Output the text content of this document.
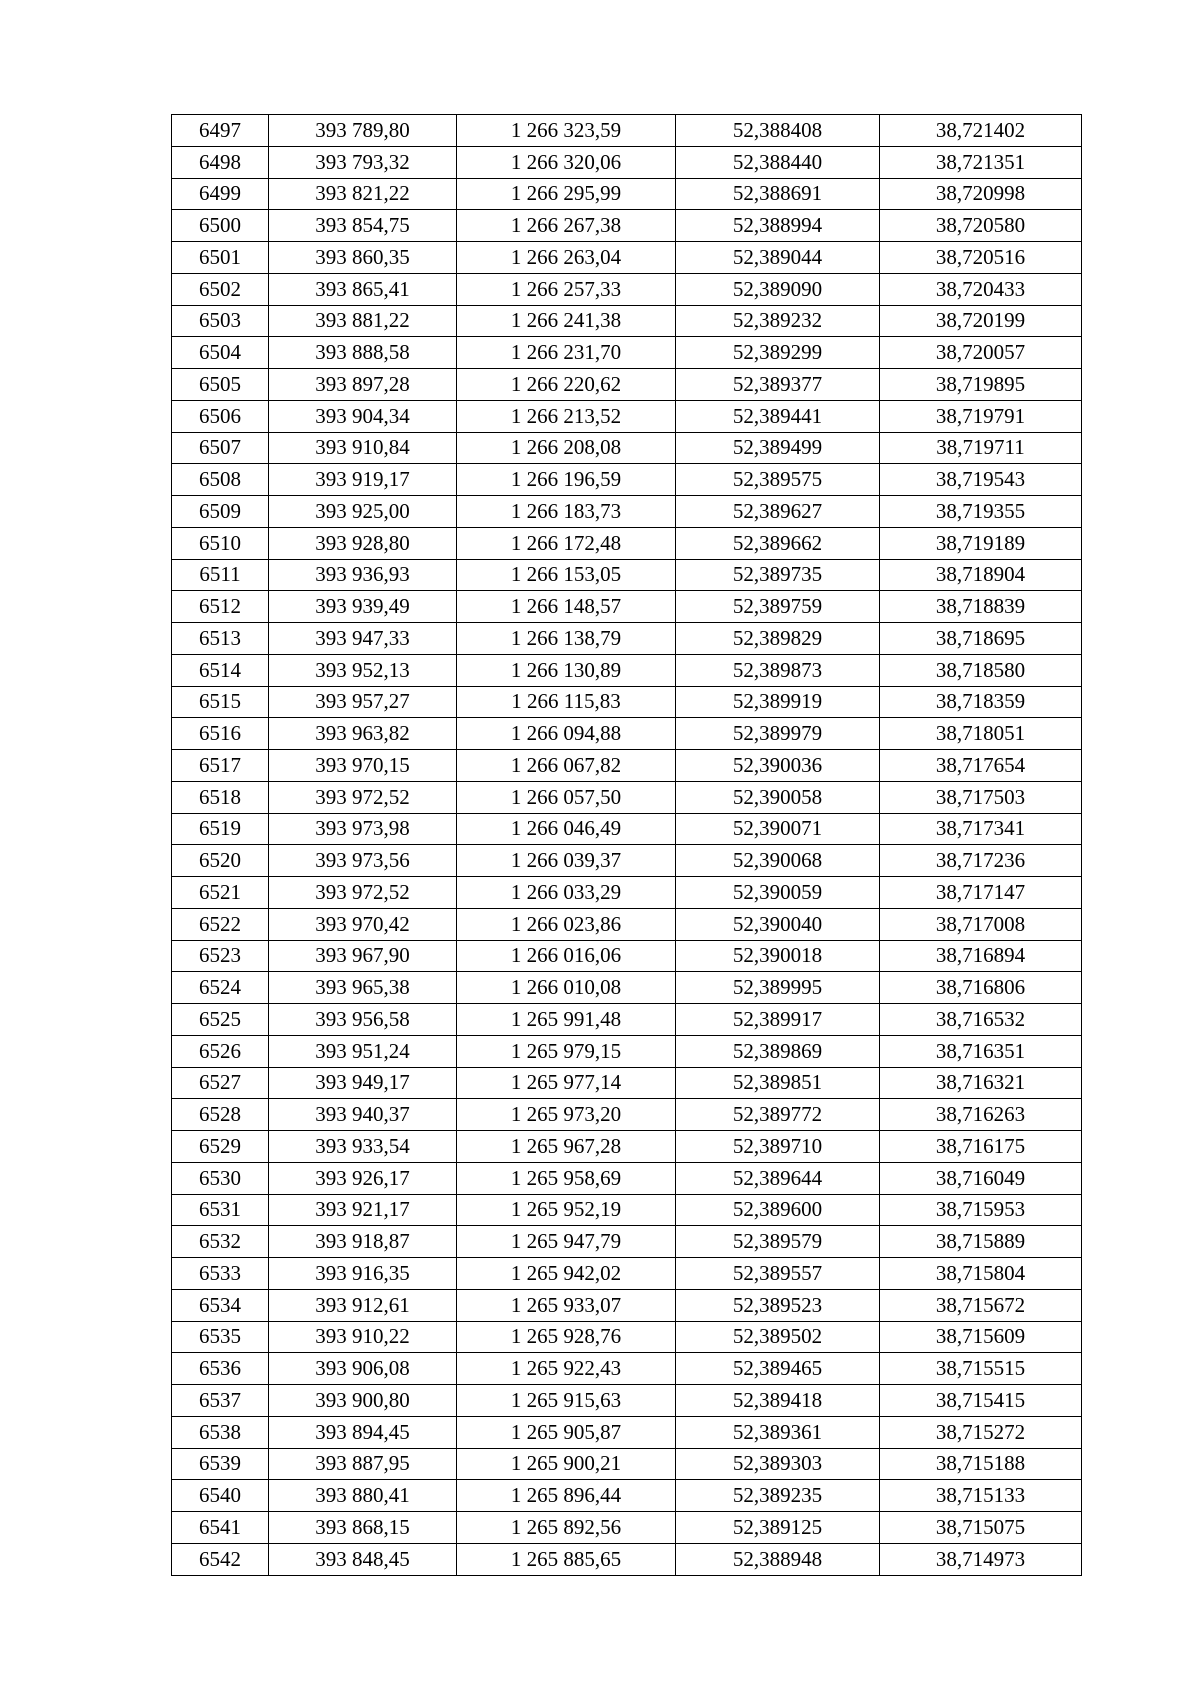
6497	393 789,80	1 266 323,59	52,388408	38,721402
6498	393 793,32	1 266 320,06	52,388440	38,721351
6499	393 821,22	1 266 295,99	52,388691	38,720998
6500	393 854,75	1 266 267,38	52,388994	38,720580
6501	393 860,35	1 266 263,04	52,389044	38,720516
6502	393 865,41	1 266 257,33	52,389090	38,720433
6503	393 881,22	1 266 241,38	52,389232	38,720199
6504	393 888,58	1 266 231,70	52,389299	38,720057
6505	393 897,28	1 266 220,62	52,389377	38,719895
6506	393 904,34	1 266 213,52	52,389441	38,719791
6507	393 910,84	1 266 208,08	52,389499	38,719711
6508	393 919,17	1 266 196,59	52,389575	38,719543
6509	393 925,00	1 266 183,73	52,389627	38,719355
6510	393 928,80	1 266 172,48	52,389662	38,719189
6511	393 936,93	1 266 153,05	52,389735	38,718904
6512	393 939,49	1 266 148,57	52,389759	38,718839
6513	393 947,33	1 266 138,79	52,389829	38,718695
6514	393 952,13	1 266 130,89	52,389873	38,718580
6515	393 957,27	1 266 115,83	52,389919	38,718359
6516	393 963,82	1 266 094,88	52,389979	38,718051
6517	393 970,15	1 266 067,82	52,390036	38,717654
6518	393 972,52	1 266 057,50	52,390058	38,717503
6519	393 973,98	1 266 046,49	52,390071	38,717341
6520	393 973,56	1 266 039,37	52,390068	38,717236
6521	393 972,52	1 266 033,29	52,390059	38,717147
6522	393 970,42	1 266 023,86	52,390040	38,717008
6523	393 967,90	1 266 016,06	52,390018	38,716894
6524	393 965,38	1 266 010,08	52,389995	38,716806
6525	393 956,58	1 265 991,48	52,389917	38,716532
6526	393 951,24	1 265 979,15	52,389869	38,716351
6527	393 949,17	1 265 977,14	52,389851	38,716321
6528	393 940,37	1 265 973,20	52,389772	38,716263
6529	393 933,54	1 265 967,28	52,389710	38,716175
6530	393 926,17	1 265 958,69	52,389644	38,716049
6531	393 921,17	1 265 952,19	52,389600	38,715953
6532	393 918,87	1 265 947,79	52,389579	38,715889
6533	393 916,35	1 265 942,02	52,389557	38,715804
6534	393 912,61	1 265 933,07	52,389523	38,715672
6535	393 910,22	1 265 928,76	52,389502	38,715609
6536	393 906,08	1 265 922,43	52,389465	38,715515
6537	393 900,80	1 265 915,63	52,389418	38,715415
6538	393 894,45	1 265 905,87	52,389361	38,715272
6539	393 887,95	1 265 900,21	52,389303	38,715188
6540	393 880,41	1 265 896,44	52,389235	38,715133
6541	393 868,15	1 265 892,56	52,389125	38,715075
6542	393 848,45	1 265 885,65	52,388948	38,714973
